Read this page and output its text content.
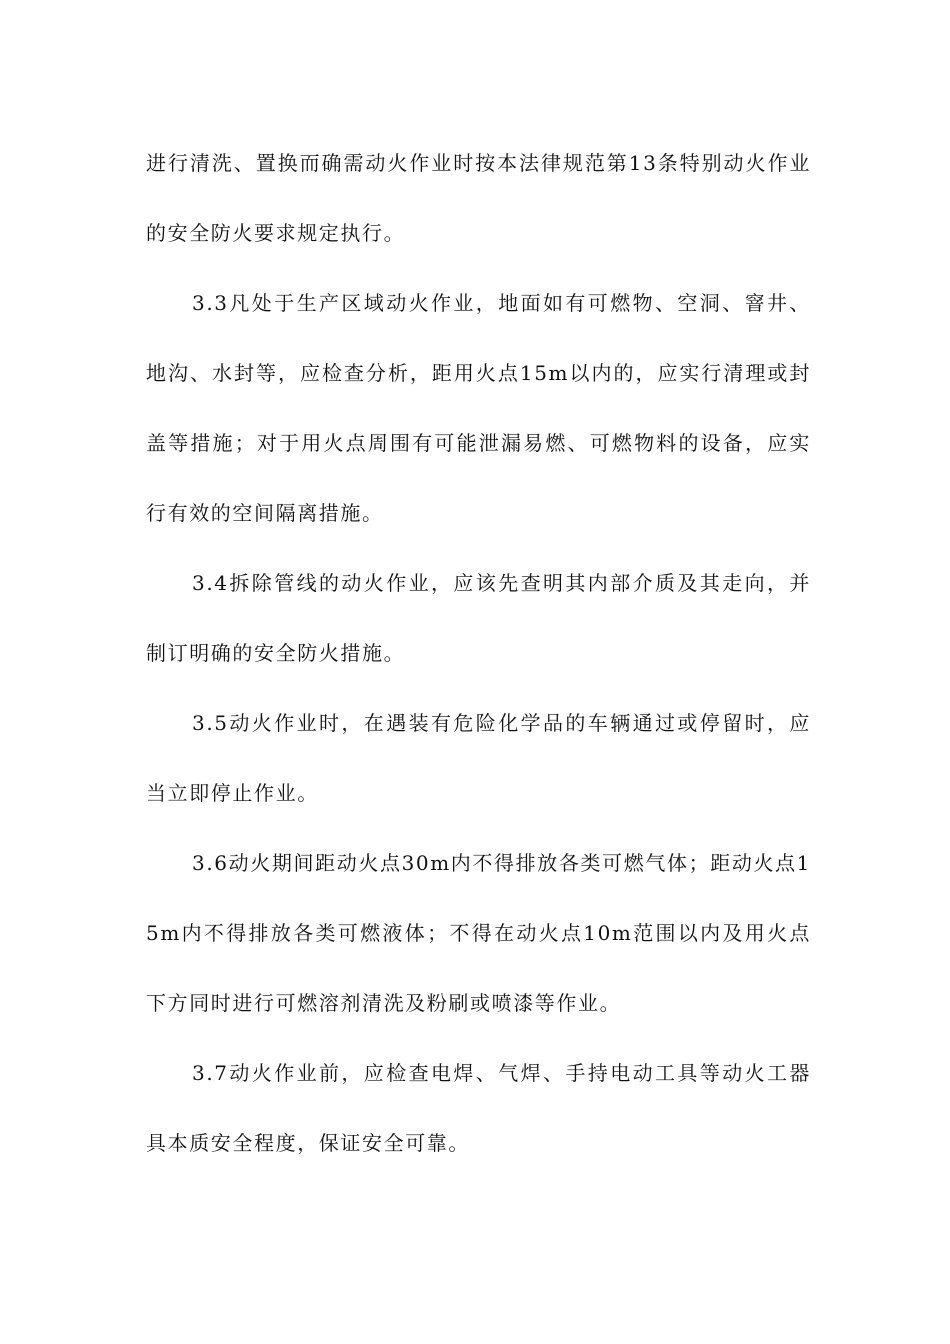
进行清洗、置换而确需动火作业时按本法律规范第13条特别动火作业的安全防火要求规定执行。

3.3凡处于生产区域动火作业，地面如有可燃物、空洞、窨井、地沟、水封等，应检查分析，距用火点15m以内的，应实行清理或封盖等措施；对于用火点周围有可能泄漏易燃、可燃物料的设备，应实行有效的空间隔离措施。

3.4拆除管线的动火作业，应该先查明其内部介质及其走向，并制订明确的安全防火措施。

3.5动火作业时，在遇装有危险化学品的车辆通过或停留时，应当立即停止作业。

3.6动火期间距动火点30m内不得排放各类可燃气体；距动火点15m内不得排放各类可燃液体；不得在动火点10m范围以内及用火点下方同时进行可燃溶剂清洗及粉刷或喷漆等作业。

3.7动火作业前，应检查电焊、气焊、手持电动工具等动火工器具本质安全程度，保证安全可靠。
